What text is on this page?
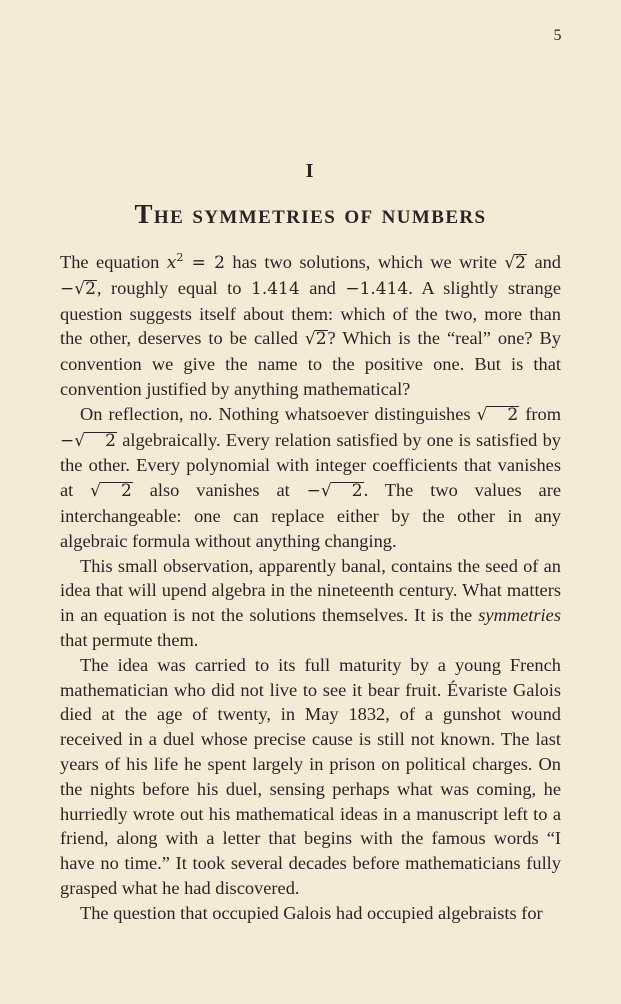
5
I
The symmetries of numbers

The equation $x^2 = 2$ has two solutions, which we write √2 and −√2, roughly equal to 1.414 and −1.414. A slightly strange question suggests itself about them: which of the two, more than the other, deserves to be called √2? Which is the “real” one? By convention we give the name to the positive one. But is that convention justified by anything mathematical?

On reflection, no. Nothing whatsoever distinguishes √ 2 from −√ 2 algebraically. Every relation satisfied by one is satisfied by the other. Every polynomial with integer coefficients that vanishes at √ 2 also vanishes at −√ 2. The two values are interchangeable: one can replace either by the other in any algebraic formula without anything changing.

This small observation, apparently banal, contains the seed of an idea that will upend algebra in the nineteenth century. What matters in an equation is not the solutions themselves. It is the symmetries that permute them.

The idea was carried to its full maturity by a young French mathematician who did not live to see it bear fruit. Évariste Galois died at the age of twenty, in May 1832, of a gunshot wound received in a duel whose precise cause is still not known. The last years of his life he spent largely in prison on political charges. On the nights before his duel, sensing perhaps what was coming, he hurriedly wrote out his mathematical ideas in a manuscript left to a friend, along with a letter that begins with the famous words “I have no time.” It took several decades before mathematicians fully grasped what he had discovered.

The question that occupied Galois had occupied algebraists for
